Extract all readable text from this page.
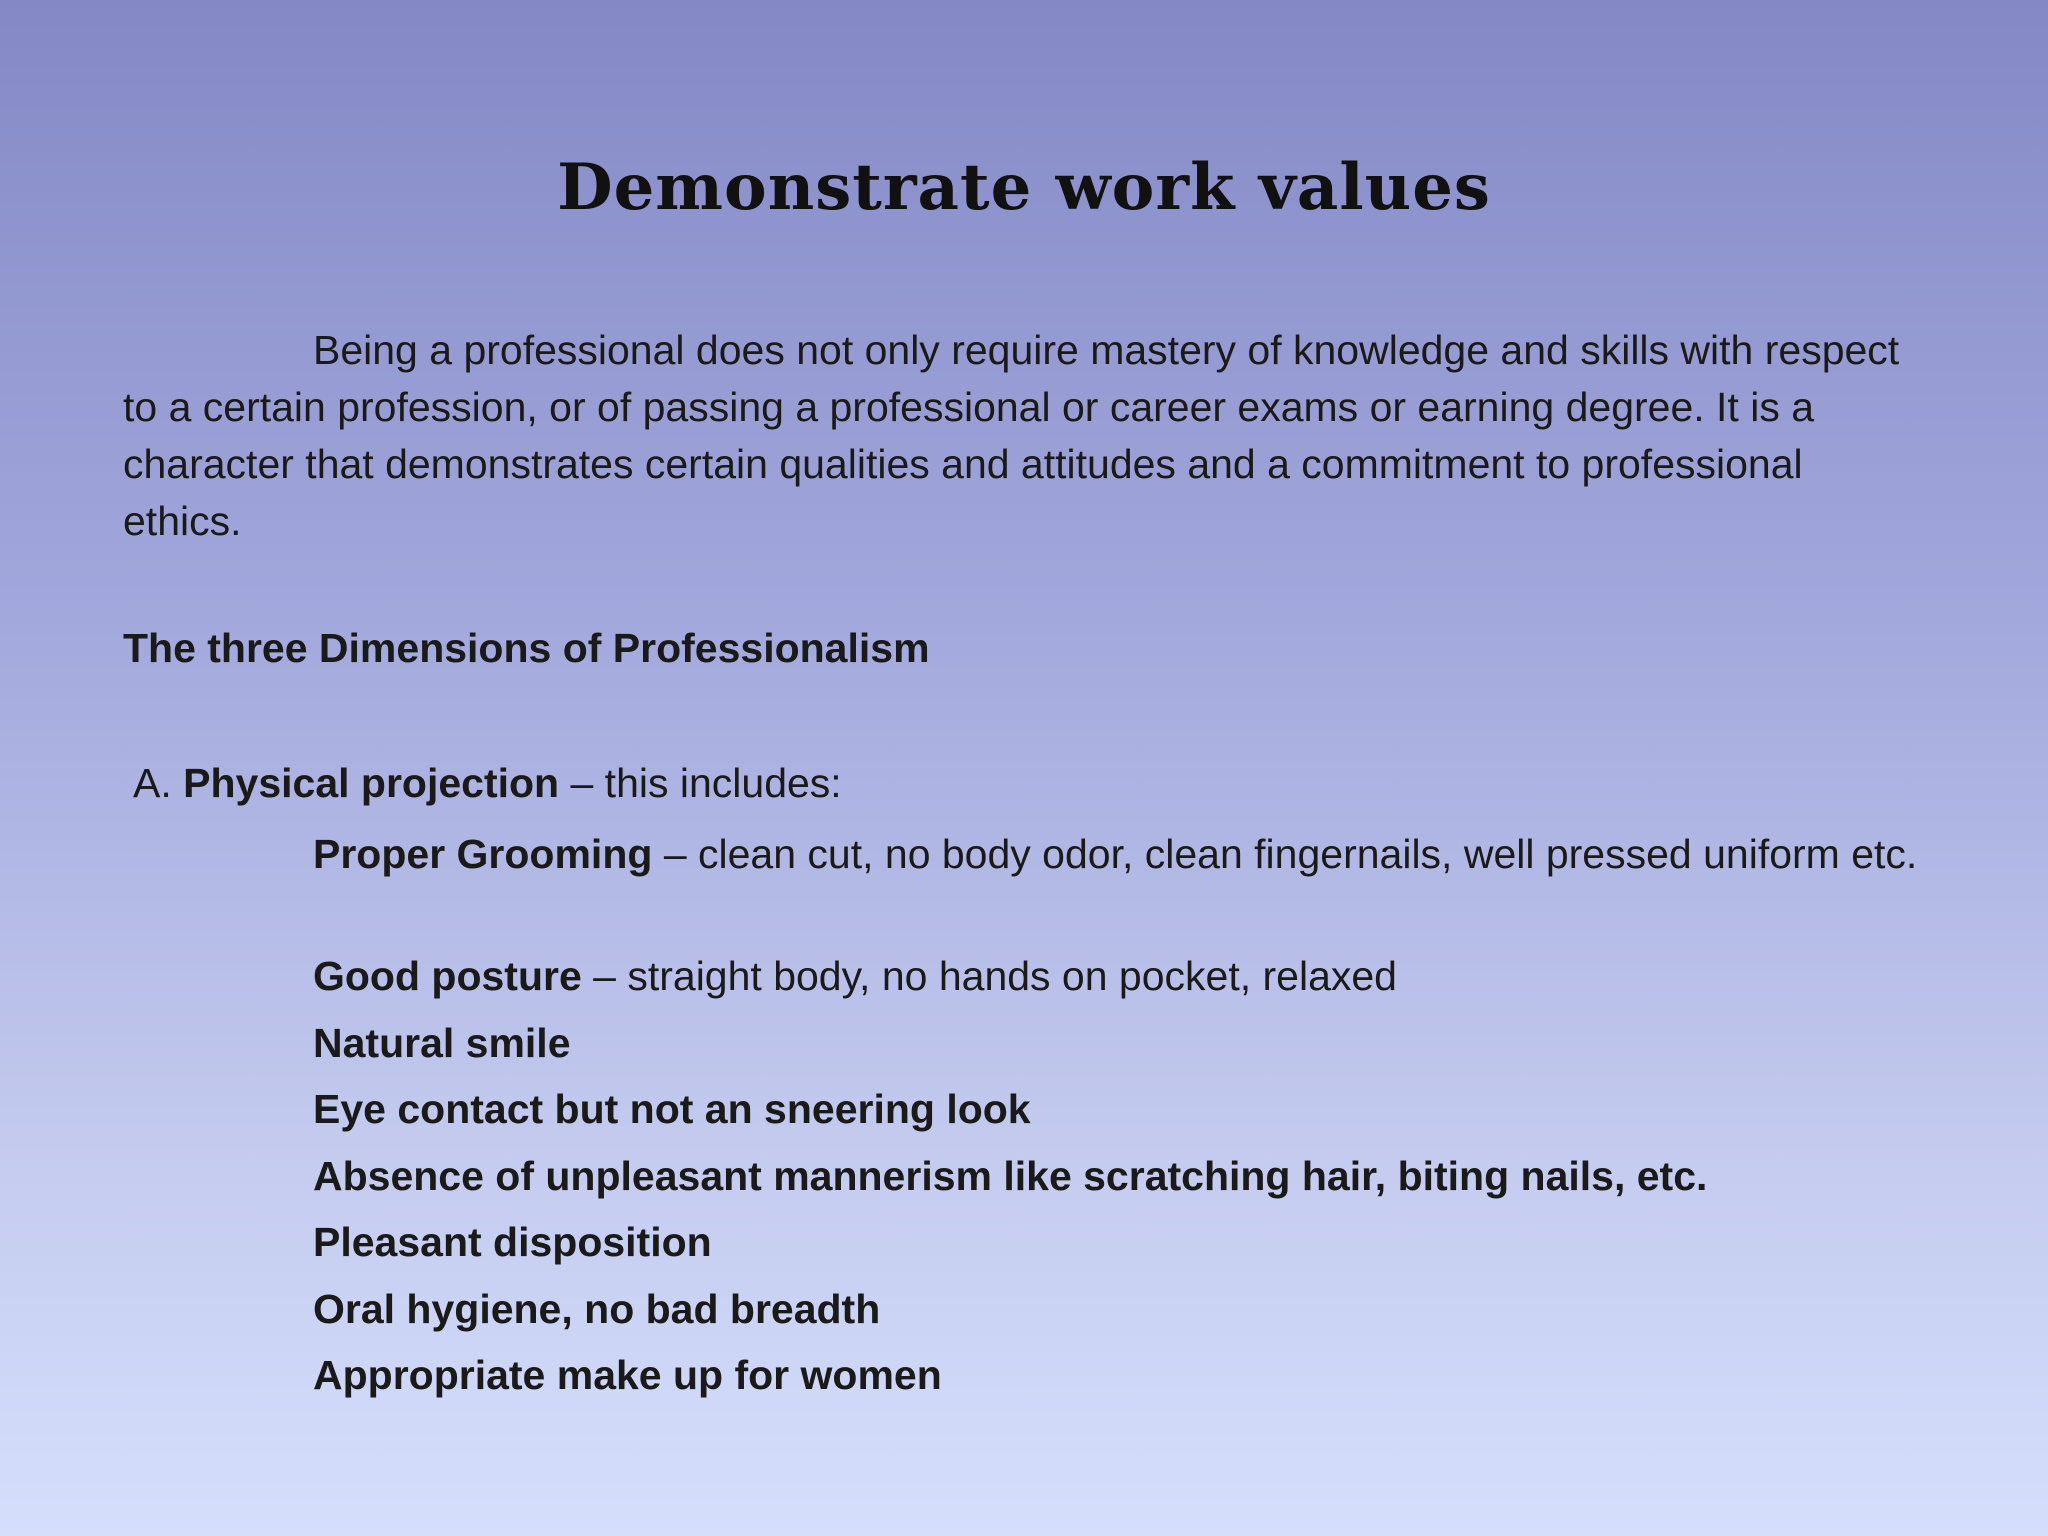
Demonstrate work values

Being a professional does not only require mastery of knowledge and skills with respect to a certain profession, or of passing a professional or career exams or earning degree. It is a character that demonstrates certain qualities and attitudes and a commitment to professional ethics.

The three Dimensions of Professionalism

A. Physical projection – this includes:

Proper Grooming – clean cut, no body odor, clean fingernails, well pressed uniform etc.

Good posture – straight body, no hands on pocket, relaxed
Natural smile
Eye contact but not an sneering look
Absence of unpleasant mannerism like scratching hair, biting nails, etc.
Pleasant disposition
Oral hygiene, no bad breadth
Appropriate make up for women
